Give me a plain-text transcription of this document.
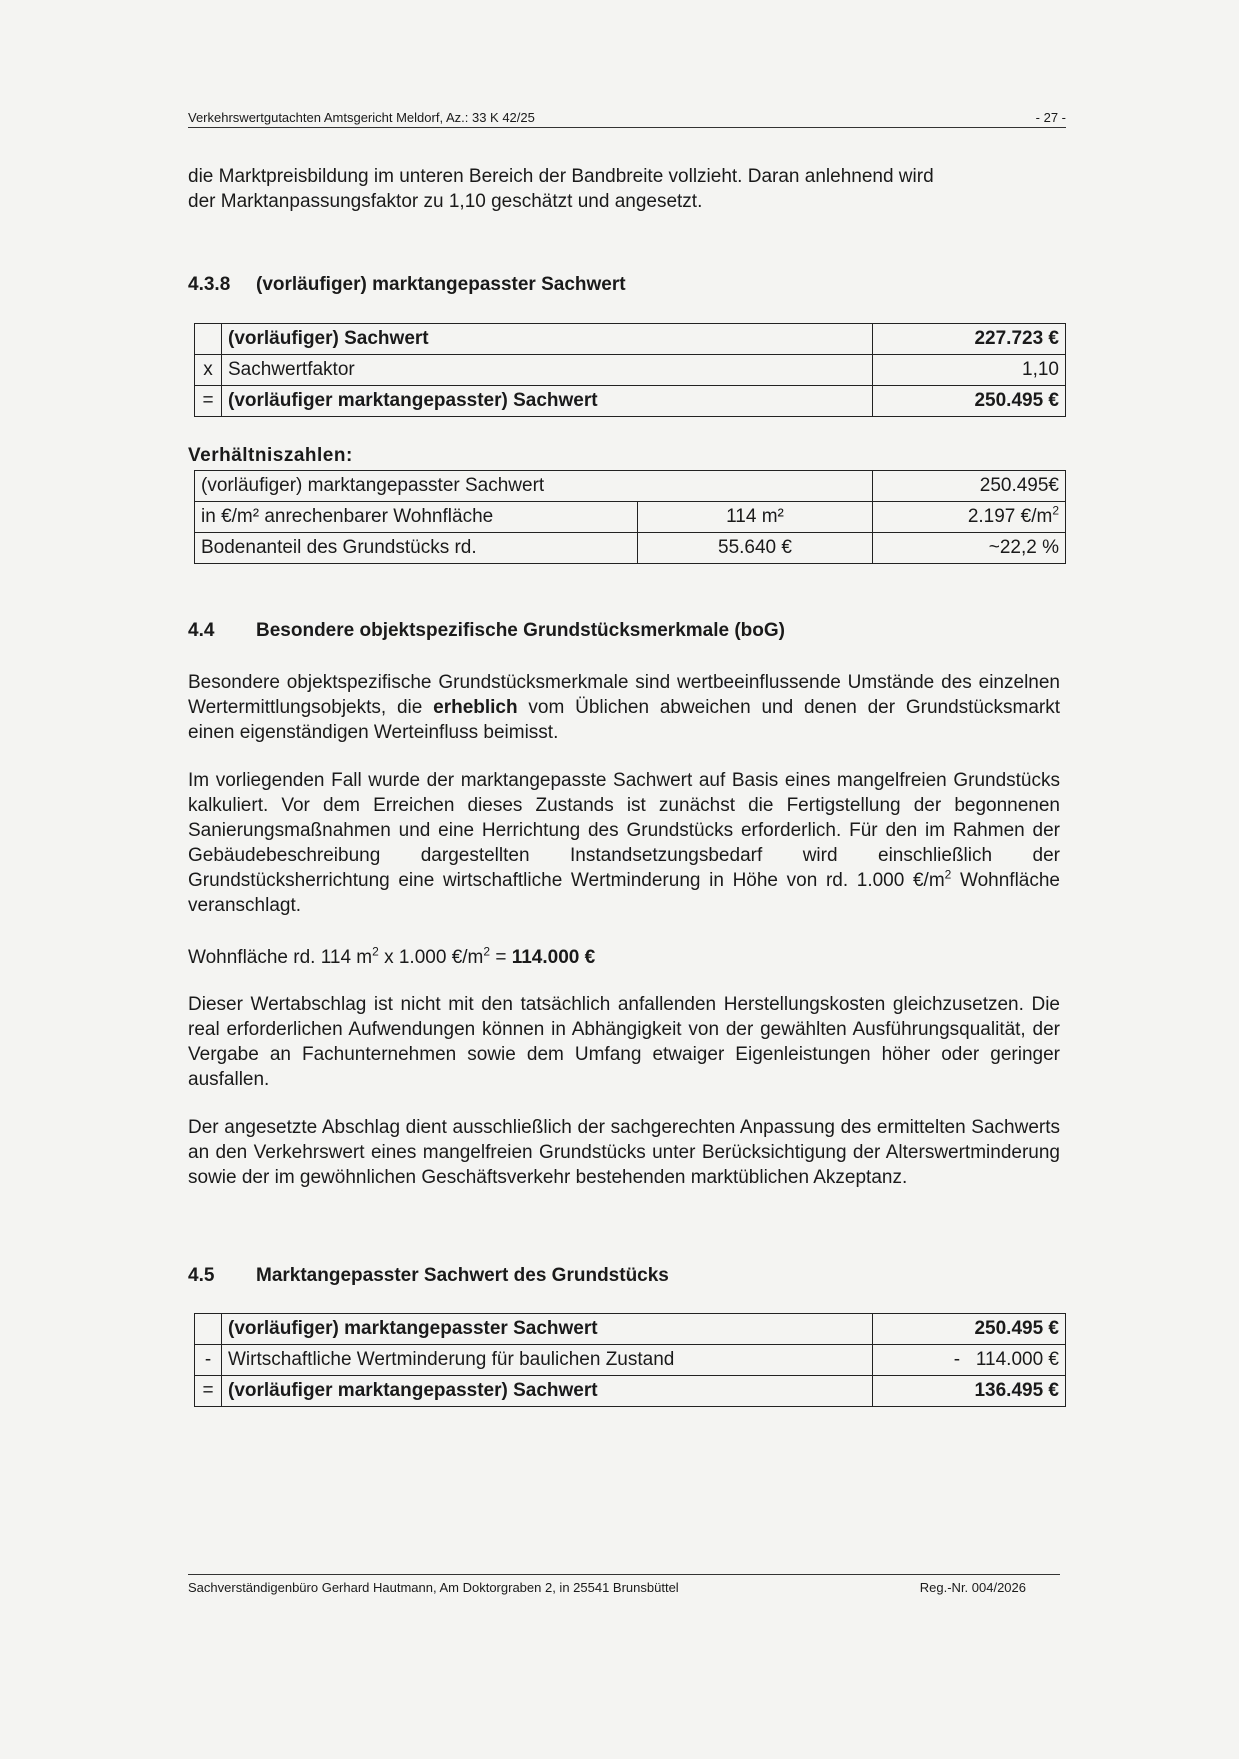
Verkehrswertgutachten Amtsgericht Meldorf, Az.: 33 K 42/25	- 27 -
die Marktpreisbildung im unteren Bereich der Bandbreite vollzieht. Daran anlehnend wird
der Marktanpassungsfaktor zu 1,10 geschätzt und angesetzt.
4.3.8 (vorläufiger) marktangepasster Sachwert
	(vorläufiger) Sachwert	227.723 €
x	Sachwertfaktor	1,10
=	(vorläufiger marktangepasster) Sachwert	250.495 €
Verhältniszahlen:
(vorläufiger) marktangepasster Sachwert		250.495€
in €/m² anrechenbarer Wohnfläche	114 m²	2.197 $€/m^2$
Bodenanteil des Grundstücks rd.	55.640 €	~22,2 %
4.4 Besondere objektspezifische Grundstücksmerkmale (boG)
Besondere objektspezifische Grundstücksmerkmale sind wertbeeinflussende Umstände des einzelnen Wertermittlungsobjekts, die erheblich vom Üblichen abweichen und denen der Grundstücksmarkt einen eigenständigen Werteinfluss beimisst.
Im vorliegenden Fall wurde der marktangepasste Sachwert auf Basis eines mangelfreien Grundstücks kalkuliert. Vor dem Erreichen dieses Zustands ist zunächst die Fertigstellung der begonnenen Sanierungsmaßnahmen und eine Herrichtung des Grundstücks erforderlich. Für den im Rahmen der Gebäudebeschreibung dargestellten Instandsetzungsbedarf wird einschließlich der Grundstücksherrichtung eine wirtschaftliche Wertminderung in Höhe von rd. 1.000 $€/m^2$ Wohnfläche veranschlagt.
Wohnfläche rd. 114 $m^2$ x 1.000 $€/m^2 = 114.000$ €
Dieser Wertabschlag ist nicht mit den tatsächlich anfallenden Herstellungskosten gleichzusetzen. Die real erforderlichen Aufwendungen können in Abhängigkeit von der gewählten Ausführungsqualität, der Vergabe an Fachunternehmen sowie dem Umfang etwaiger Eigenleistungen höher oder geringer ausfallen.
Der angesetzte Abschlag dient ausschließlich der sachgerechten Anpassung des ermittelten Sachwerts an den Verkehrswert eines mangelfreien Grundstücks unter Berücksichtigung der Alterswertminderung sowie der im gewöhnlichen Geschäftsverkehr bestehenden marktüblichen Akzeptanz.
4.5 Marktangepasster Sachwert des Grundstücks
	(vorläufiger) marktangepasster Sachwert	250.495 €
-	Wirtschaftliche Wertminderung für baulichen Zustand	-   114.000 €
=	(vorläufiger marktangepasster) Sachwert	136.495 €
Sachverständigenbüro Gerhard Hautmann, Am Doktorgraben 2, in 25541 Brunsbüttel	Reg.-Nr. 004/2026
